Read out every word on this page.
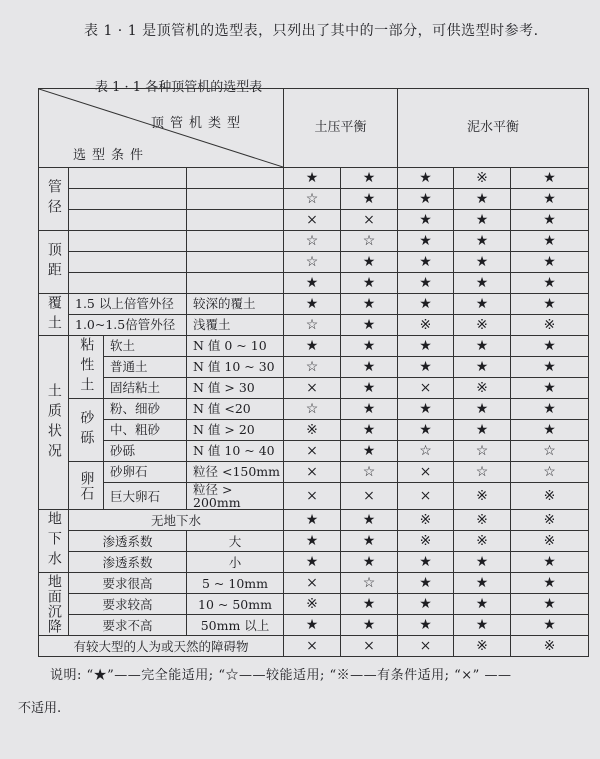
表 1 · 1 是顶管机的选型表，只列出了其中的一部分，可供选型时参考.
表 1 · 1 各种顶管机的选型表
顶管机类型
选型条件				土压平衡		泥水平衡		

管径				★	★	★	※	★
				☆	★	★	★	★
				×	×	★	★	★
顶距				☆	☆	★	★	★
				☆	★	★	★	★
				★	★	★	★	★
覆土	1.5 以上倍管外径		较深的覆土	★	★	★	★	★
	1.0~1.5倍管外径		浅覆土	☆	★	※	※	※
土质状况	粘性土	软土	N 值 0 ~ 10	★	★	★	★	★
		普通土	N 值 10 ~ 30	☆	★	★	★	★
		固结粘土	N 值 > 30	×	★	×	※	★
	砂砾	粉、细砂	N 值 <20	☆	★	★	★	★
		中、粗砂	N 值 > 20	※	★	★	★	★
		砂砾	N 值 10 ~ 40	×	★	☆	☆	☆
	卵石	砂卵石	粒径 <150mm	×	☆	×	☆	☆
		巨大卵石	粒径 > 200mm	×	×	×	※	※
地下水	无地下水			★	★	※	※	※
	渗透系数		大	★	★	※	※	※
	渗透系数		小	★	★	★	★	★
地面沉降	要求很高		5 ~ 10mm	×	☆	★	★	★
	要求较高		10 ~ 50mm	※	★	★	★	★
	要求不高		50mm 以上	★	★	★	★	★
有较大型的人为或天然的障碍物				×	×	×	※	※
说明: “★”——完全能适用; “☆——较能适用; “※——有条件适用; “×” ——
不适用.
